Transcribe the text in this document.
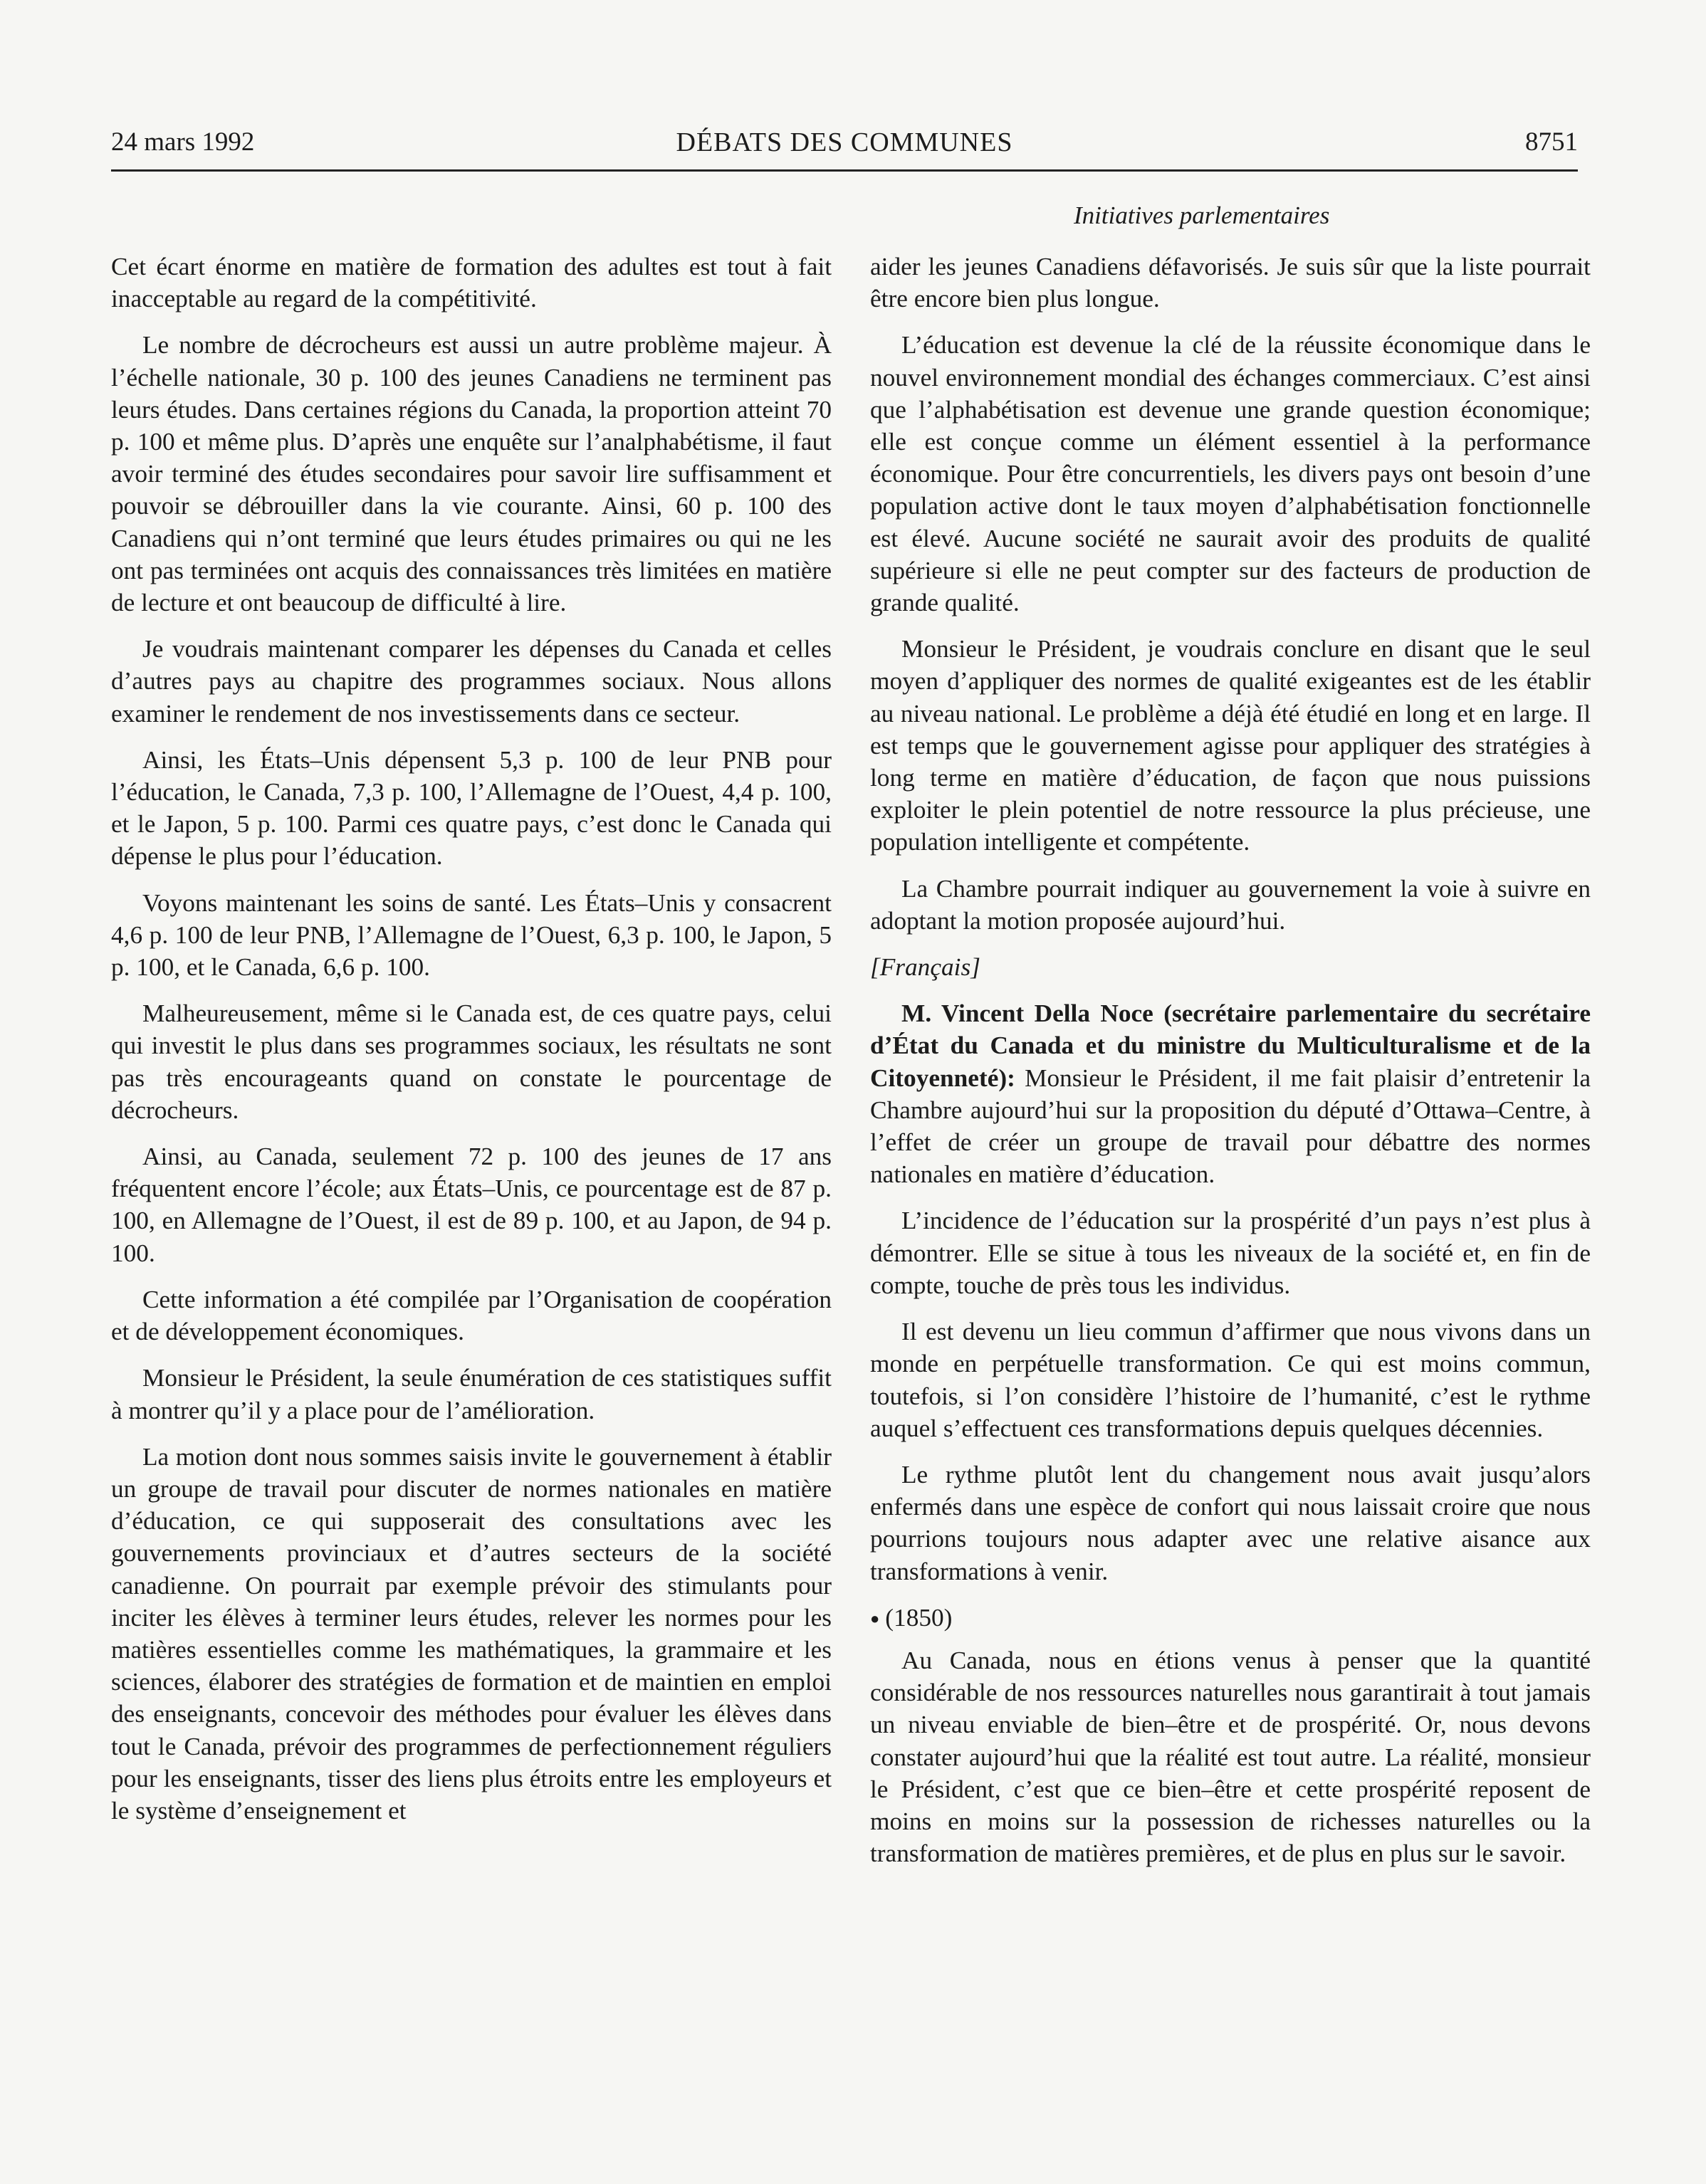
24 mars 1992	DÉBATS DES COMMUNES	8751
Initiatives parlementaires

Cet écart énorme en matière de formation des adultes est tout à fait inacceptable au regard de la compétitivité.

Le nombre de décrocheurs est aussi un autre problème majeur. À l’échelle nationale, 30 p. 100 des jeunes Canadiens ne terminent pas leurs études. Dans certaines régions du Canada, la proportion atteint 70 p. 100 et même plus. D’après une enquête sur l’analphabétisme, il faut avoir terminé des études secondaires pour savoir lire suffisamment et pouvoir se débrouiller dans la vie courante. Ainsi, 60 p. 100 des Canadiens qui n’ont terminé que leurs études primaires ou qui ne les ont pas terminées ont acquis des connaissances très limitées en matière de lecture et ont beaucoup de difficulté à lire.

Je voudrais maintenant comparer les dépenses du Canada et celles d’autres pays au chapitre des programmes sociaux. Nous allons examiner le rendement de nos investissements dans ce secteur.

Ainsi, les États–Unis dépensent 5,3 p. 100 de leur PNB pour l’éducation, le Canada, 7,3 p. 100, l’Allemagne de l’Ouest, 4,4 p. 100, et le Japon, 5 p. 100. Parmi ces quatre pays, c’est donc le Canada qui dépense le plus pour l’éducation.

Voyons maintenant les soins de santé. Les États–Unis y consacrent 4,6 p. 100 de leur PNB, l’Allemagne de l’Ouest, 6,3 p. 100, le Japon, 5 p. 100, et le Canada, 6,6 p. 100.

Malheureusement, même si le Canada est, de ces quatre pays, celui qui investit le plus dans ses programmes sociaux, les résultats ne sont pas très encourageants quand on constate le pourcentage de décrocheurs.

Ainsi, au Canada, seulement 72 p. 100 des jeunes de 17 ans fréquentent encore l’école; aux États–Unis, ce pourcentage est de 87 p. 100, en Allemagne de l’Ouest, il est de 89 p. 100, et au Japon, de 94 p. 100.

Cette information a été compilée par l’Organisation de coopération et de développement économiques.

Monsieur le Président, la seule énumération de ces statistiques suffit à montrer qu’il y a place pour de l’amélioration.

La motion dont nous sommes saisis invite le gouvernement à établir un groupe de travail pour discuter de normes nationales en matière d’éducation, ce qui supposerait des consultations avec les gouvernements provinciaux et d’autres secteurs de la société canadienne. On pourrait par exemple prévoir des stimulants pour inciter les élèves à terminer leurs études, relever les normes pour les matières essentielles comme les mathématiques, la grammaire et les sciences, élaborer des stratégies de formation et de maintien en emploi des enseignants, concevoir des méthodes pour évaluer les élèves dans tout le Canada, prévoir des programmes de perfectionnement réguliers pour les enseignants, tisser des liens plus étroits entre les employeurs et le système d’enseignement et

aider les jeunes Canadiens défavorisés. Je suis sûr que la liste pourrait être encore bien plus longue.

L’éducation est devenue la clé de la réussite économique dans le nouvel environnement mondial des échanges commerciaux. C’est ainsi que l’alphabétisation est devenue une grande question économique; elle est conçue comme un élément essentiel à la performance économique. Pour être concurrentiels, les divers pays ont besoin d’une population active dont le taux moyen d’alphabétisation fonctionnelle est élevé. Aucune société ne saurait avoir des produits de qualité supérieure si elle ne peut compter sur des facteurs de production de grande qualité.

Monsieur le Président, je voudrais conclure en disant que le seul moyen d’appliquer des normes de qualité exigeantes est de les établir au niveau national. Le problème a déjà été étudié en long et en large. Il est temps que le gouvernement agisse pour appliquer des stratégies à long terme en matière d’éducation, de façon que nous puissions exploiter le plein potentiel de notre ressource la plus précieuse, une population intelligente et compétente.

La Chambre pourrait indiquer au gouvernement la voie à suivre en adoptant la motion proposée aujourd’hui.

[Français]

M. Vincent Della Noce (secrétaire parlementaire du secrétaire d’État du Canada et du ministre du Multiculturalisme et de la Citoyenneté): Monsieur le Président, il me fait plaisir d’entretenir la Chambre aujourd’hui sur la proposition du député d’Ottawa–Centre, à l’effet de créer un groupe de travail pour débattre des normes nationales en matière d’éducation.

L’incidence de l’éducation sur la prospérité d’un pays n’est plus à démontrer. Elle se situe à tous les niveaux de la société et, en fin de compte, touche de près tous les individus.

Il est devenu un lieu commun d’affirmer que nous vivons dans un monde en perpétuelle transformation. Ce qui est moins commun, toutefois, si l’on considère l’histoire de l’humanité, c’est le rythme auquel s’effectuent ces transformations depuis quelques décennies.

Le rythme plutôt lent du changement nous avait jusqu’alors enfermés dans une espèce de confort qui nous laissait croire que nous pourrions toujours nous adapter avec une relative aisance aux transformations à venir.

● (1850)

Au Canada, nous en étions venus à penser que la quantité considérable de nos ressources naturelles nous garantirait à tout jamais un niveau enviable de bien–être et de prospérité. Or, nous devons constater aujourd’hui que la réalité est tout autre. La réalité, monsieur le Président, c’est que ce bien–être et cette prospérité reposent de moins en moins sur la possession de richesses naturelles ou la transformation de matières premières, et de plus en plus sur le savoir.
